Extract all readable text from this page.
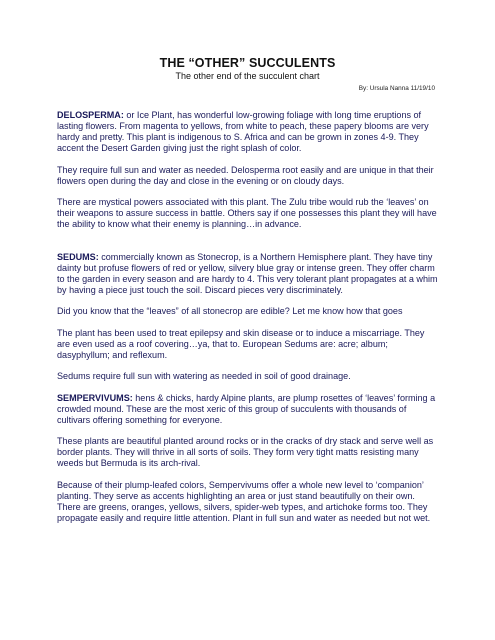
THE “OTHER” SUCCULENTS
The other end of the succulent chart
By: Ursula Nanna 11/19/10

DELOSPERMA: or Ice Plant, has wonderful low-growing foliage with long time eruptions of lasting flowers. From magenta to yellows, from white to peach, these papery blooms are very hardy and pretty. This plant is indigenous to S. Africa and can be grown in zones 4-9. They accent the Desert Garden giving just the right splash of color.

They require full sun and water as needed. Delosperma root easily and are unique in that their flowers open during the day and close in the evening or on cloudy days.

There are mystical powers associated with this plant. The Zulu tribe would rub the ‘leaves’ on their weapons to assure success in battle. Others say if one possesses this plant they will have the ability to know what their enemy is planning…in advance.

SEDUMS: commercially known as Stonecrop, is a Northern Hemisphere plant. They have tiny dainty but profuse flowers of red or yellow, silvery blue gray or intense green. They offer charm to the garden in every season and are hardy to 4. This very tolerant plant propagates at a whim by having a piece just touch the soil. Discard pieces very discriminately.

Did you know that the “leaves” of all stonecrop are edible? Let me know how that goes

The plant has been used to treat epilepsy and skin disease or to induce a miscarriage. They are even used as a roof covering…ya, that to. European Sedums are: acre; album; dasyphyllum; and reflexum.

Sedums require full sun with watering as needed in soil of good drainage.

SEMPERVIVUMS: hens & chicks, hardy Alpine plants, are plump rosettes of ‘leaves’ forming a crowded mound. These are the most xeric of this group of succulents with thousands of cultivars offering something for everyone.

These plants are beautiful planted around rocks or in the cracks of dry stack and serve well as border plants. They will thrive in all sorts of soils. They form very tight matts resisting many weeds but Bermuda is its arch-rival.

Because of their plump-leafed colors, Sempervivums offer a whole new level to ‘companion’ planting. They serve as accents highlighting an area or just stand beautifully on their own.

There are greens, oranges, yellows, silvers, spider-web types, and artichoke forms too. They propagate easily and require little attention. Plant in full sun and water as needed but not wet.
